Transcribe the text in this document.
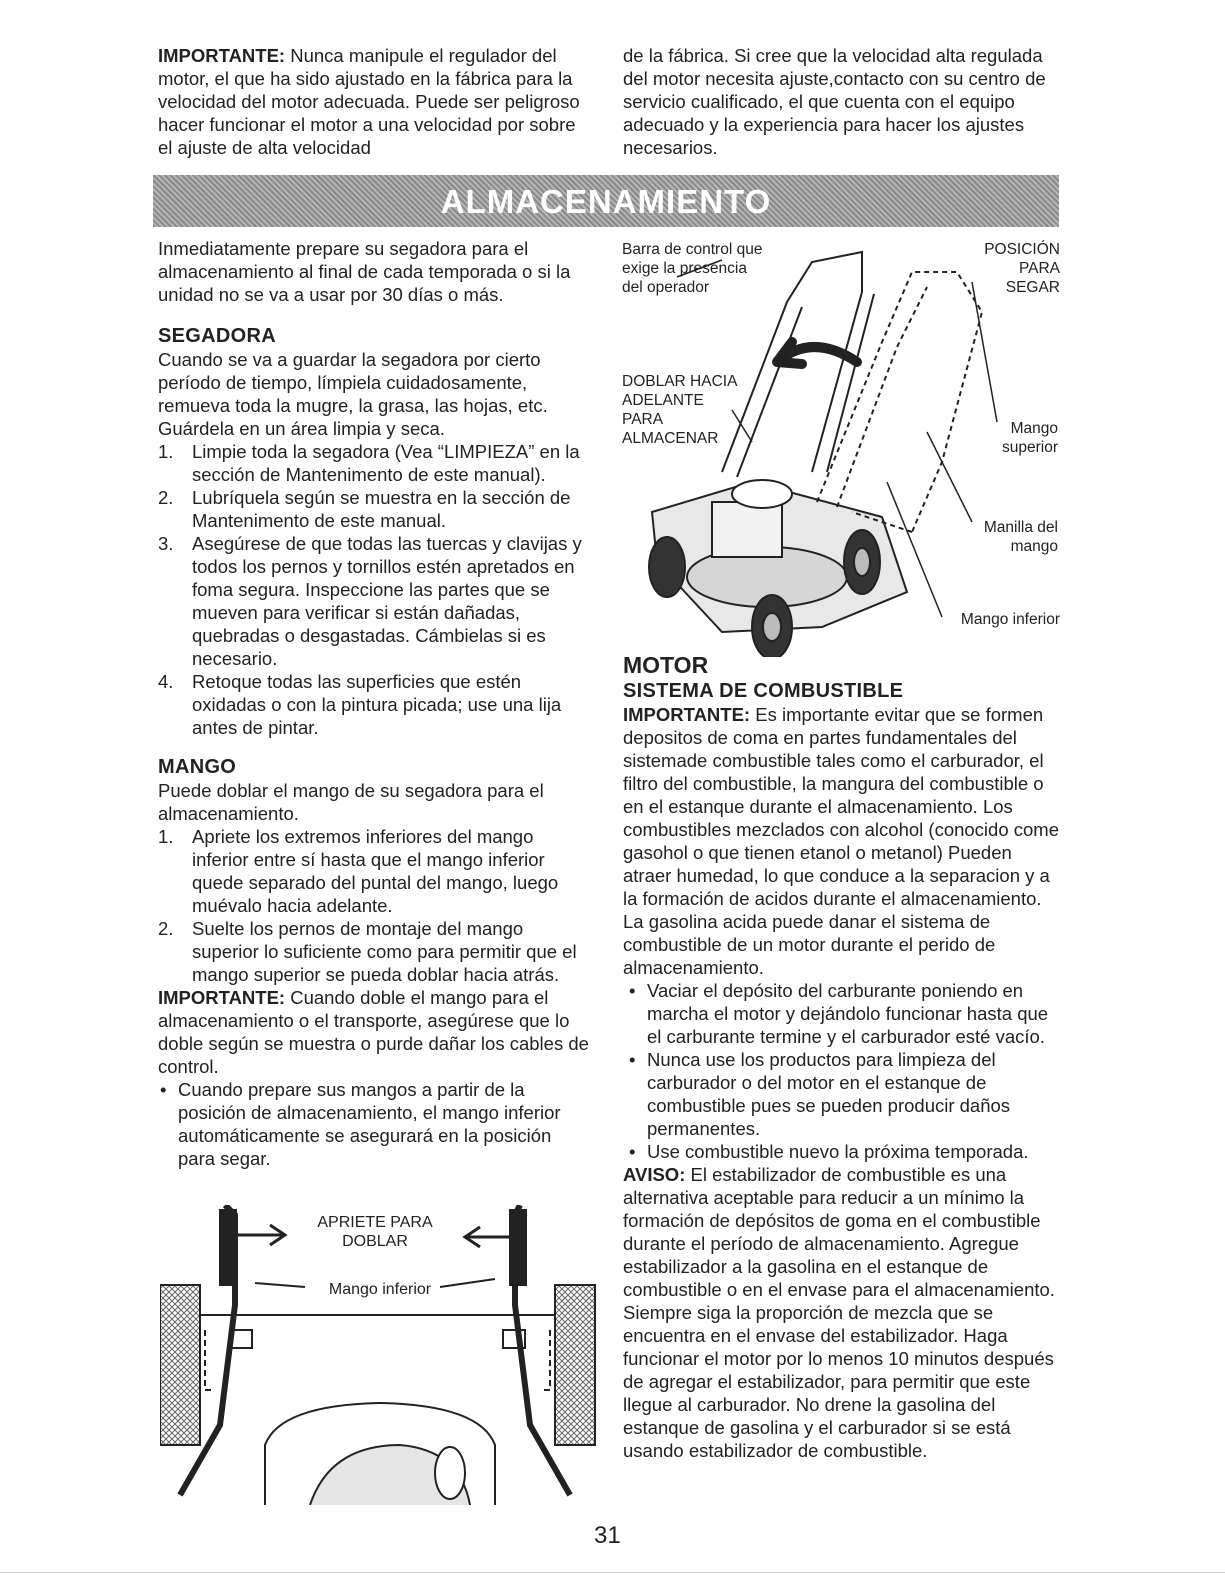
IMPORTANTE: Nunca manipule el regulador del motor, el que ha sido ajustado en la fábrica para la velocidad del motor adecuada. Puede ser peligroso hacer funcionar el motor a una velocidad por sobre el ajuste de alta velocidad

de la fábrica. Si cree que la velocidad alta regulada del motor necesita ajuste,contacto con su centro de servicio cualificado, el que cuenta con el equipo adecuado y la experiencia para hacer los ajustes necesarios.

ALMACENAMIENTO

Inmediatamente prepare su segadora para el almacenamiento al final de cada temporada o si la unidad no se va a usar por 30 días o más.

SEGADORA

Cuando se va a guardar la segadora por cierto período de tiempo, límpiela cuidadosamente, remueva toda la mugre, la grasa, las hojas, etc. Guárdela en un área limpia y seca.

1. Limpie toda la segadora (Vea “LIMPIEZA” en la sección de Mantenimento de este manual).
2. Lubríquela según se muestra en la sección de Mantenimento de este manual.
3. Asegúrese de que todas las tuercas y clavijas y todos los pernos y tornillos estén apretados en foma segura. Inspeccione las partes que se mueven para verificar si están dañadas, quebradas o desgastadas. Cámbielas si es necesario.
4. Retoque todas las superficies que estén oxidadas o con la pintura picada; use una lija antes de pintar.
MANGO

Puede doblar el mango de su segadora para el almacenamiento.

1. Apriete los extremos inferiores del mango inferior entre sí hasta que el mango inferior quede separado del puntal del mango, luego muévalo hacia adelante.
2. Suelte los pernos de montaje del mango superior lo suficiente como para permitir que el mango superior se pueda doblar hacia atrás.

IMPORTANTE: Cuando doble el mango para el almacenamiento o el transporte, asegúrese que lo doble según se muestra o purde dañar los cables de control.

• Cuando prepare sus mangos a partir de la posición de almacenamiento, el mango inferior automáticamente se asegurará en la posición para segar.
Barra de control que exige la presencia del operador
POSICIÓN PARA SEGAR
DOBLAR HACIA ADELANTE PARA ALMACENAR
Mango superior
Manilla del mango
Mango inferior
APRIETE PARA DOBLAR
Mango inferior
MOTOR
SISTEMA DE COMBUSTIBLE

IMPORTANTE: Es importante evitar que se formen depositos de coma en partes fundamentales del sistemade combustible tales como el carburador, el filtro del combustible, la mangura del combustible o en el estanque durante el almacenamiento. Los combustibles mezclados con alcohol (conocido come gasohol o que tienen etanol o metanol) Pueden atraer humedad, lo que conduce a la separacion y a la formación de acidos durante el almacenamiento. La gasolina acida puede danar el sistema de combustible de un motor durante el perido de almacenamiento.

• Vaciar el depósito del carburante poniendo en marcha el motor y dejándolo funcionar hasta que el carburante termine y el carburador esté vacío.
• Nunca use los productos para limpieza del carburador o del motor en el estanque de combustible pues se pueden producir daños permanentes.
• Use combustible nuevo la próxima temporada.

AVISO: El estabilizador de combustible es una alternativa aceptable para reducir a un mínimo la formación de depósitos de goma en el combustible durante el período de almacenamiento. Agregue estabilizador a la gasolina en el estanque de combustible o en el envase para el almacenamiento. Siempre siga la proporción de mezcla que se encuentra en el envase del estabilizador. Haga funcionar el motor por lo menos 10 minutos después de agregar el estabilizador, para permitir que este llegue al carburador. No drene la gasolina del estanque de gasolina y el carburador si se está usando estabilizador de combustible.

31
